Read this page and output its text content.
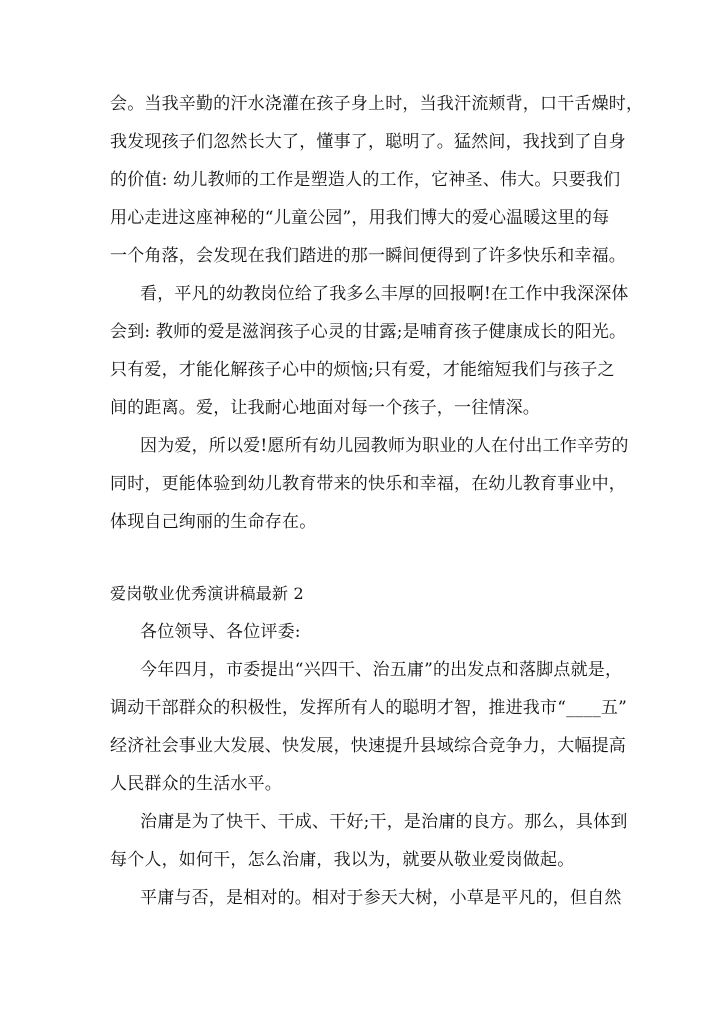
会。当我辛勤的汗水浇灌在孩子身上时，当我汗流颊背，口干舌燥时，
我发现孩子们忽然长大了，懂事了，聪明了。猛然间，我找到了自身
的价值: 幼儿教师的工作是塑造人的工作，它神圣、伟大。只要我们
用心走进这座神秘的“儿童公园”，用我们博大的爱心温暖这里的每
一个角落，会发现在我们踏进的那一瞬间便得到了许多快乐和幸福。
看，平凡的幼教岗位给了我多么丰厚的回报啊!在工作中我深深体
会到: 教师的爱是滋润孩子心灵的甘露;是哺育孩子健康成长的阳光。
只有爱，才能化解孩子心中的烦恼;只有爱，才能缩短我们与孩子之
间的距离。爱，让我耐心地面对每一个孩子，一往情深。
因为爱，所以爱!愿所有幼儿园教师为职业的人在付出工作辛劳的
同时，更能体验到幼儿教育带来的快乐和幸福，在幼儿教育事业中，
体现自己绚丽的生命存在。
爱岗敬业优秀演讲稿最新 2
各位领导、各位评委:
今年四月，市委提出“兴四干、治五庸”的出发点和落脚点就是，
调动干部群众的积极性，发挥所有人的聪明才智，推进我市“____五”
经济社会事业大发展、快发展，快速提升县域综合竞争力，大幅提高
人民群众的生活水平。
治庸是为了快干、干成、干好;干，是治庸的良方。那么，具体到
每个人，如何干，怎么治庸，我以为，就要从敬业爱岗做起。
平庸与否，是相对的。相对于参天大树，小草是平凡的，但自然
